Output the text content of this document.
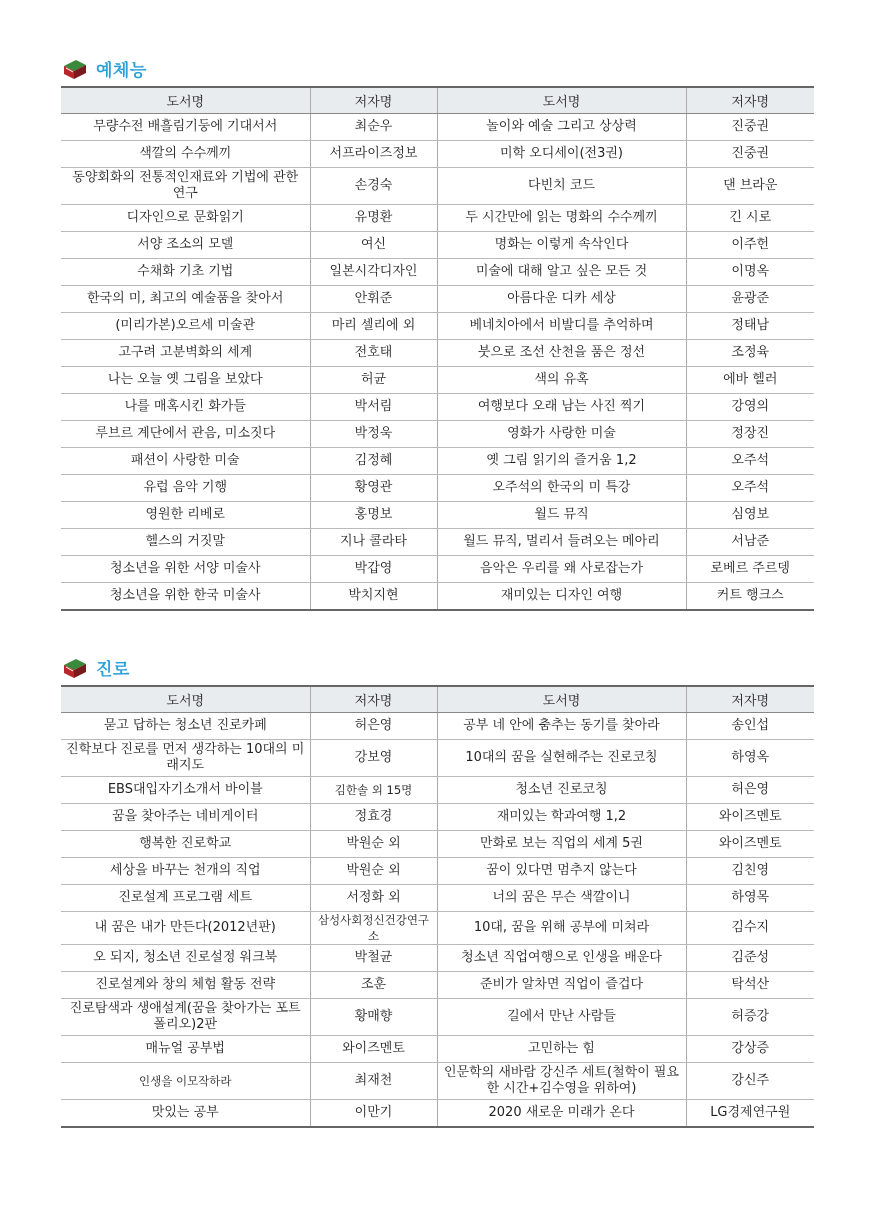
예체능
도서명	저자명	도서명	저자명
무량수전 배흘림기둥에 기대서서	최순우	놀이와 예술 그리고 상상력	진중권
색깔의 수수께끼	서프라이즈정보	미학 오디세이(전3권)	진중권
동양회화의 전통적인재료와 기법에 관한 연구	손경숙	다빈치 코드	댄 브라운
디자인으로 문화읽기	유명환	두 시간만에 읽는 명화의 수수께끼	긴 시로
서양 조소의 모델	여신	명화는 이렇게 속삭인다	이주헌
수채화 기초 기법	일본시각디자인	미술에 대해 알고 싶은 모든 것	이명옥
한국의 미, 최고의 예술품을 찾아서	안휘준	아름다운 디카 세상	윤광준
(미리가본)오르세 미술관	마리 셀리에 외	베네치아에서 비발디를 추억하며	정태남
고구려 고분벽화의 세계	전호태	붓으로 조선 산천을 품은 정선	조정육
나는 오늘 옛 그림을 보았다	허균	색의 유혹	에바 헬러
나를 매혹시킨 화가들	박서림	여행보다 오래 남는 사진 찍기	강영의
루브르 계단에서 관음, 미소짓다	박정욱	영화가 사랑한 미술	정장진
패션이 사랑한 미술	김정혜	옛 그림 읽기의 즐거움 1,2	오주석
유럽 음악 기행	황영관	오주석의 한국의 미 특강	오주석
영원한 리베로	홍명보	월드 뮤직	심영보
헬스의 거짓말	지나 콜라타	월드 뮤직, 멀리서 들려오는 메아리	서남준
청소년을 위한 서양 미술사	박갑영	음악은 우리를 왜 사로잡는가	로베르 주르뎅
청소년을 위한 한국 미술사	박치지현	재미있는 디자인 여행	커트 행크스
진로
도서명	저자명	도서명	저자명
묻고 답하는 청소년 진로카페	허은영	공부 네 안에 춤추는 동기를 찾아라	송인섭
진학보다 진로를 먼저 생각하는 10대의 미래지도	강보영	10대의 꿈을 실현해주는 진로코칭	하영옥
EBS대입자기소개서 바이블	김한솔 외 15명	청소년 진로코칭	허은영
꿈을 찾아주는 네비게이터	정효경	재미있는 학과여행 1,2	와이즈멘토
행복한 진로학교	박원순 외	만화로 보는 직업의 세계 5권	와이즈멘토
세상을 바꾸는 천개의 직업	박원순 외	꿈이 있다면 멈추지 않는다	김친영
진로설계 프로그램 세트	서정화 외	너의 꿈은 무슨 색깔이니	하영목
내 꿈은 내가 만든다(2012년판)	삼성사회정신건강연구소	10대, 꿈을 위해 공부에 미쳐라	김수지
오 되지, 청소년 진로설정 워크북	박철균	청소년 직업여행으로 인생을 배운다	김준성
진로설계와 창의 체험 활동 전략	조훈	준비가 알차면 직업이 즐겁다	탁석산
진로탐색과 생애설계(꿈을 찾아가는 포트폴리오)2판	황매향	길에서 만난 사람들	허증강
매뉴얼 공부법	와이즈멘토	고민하는 힘	강상증
인생을 이모작하라	최재천	인문학의 새바람 강신주 세트(철학이 필요한 시간+김수영을 위하여)	강신주
맛있는 공부	이만기	2020 새로운 미래가 온다	LG경제연구원
